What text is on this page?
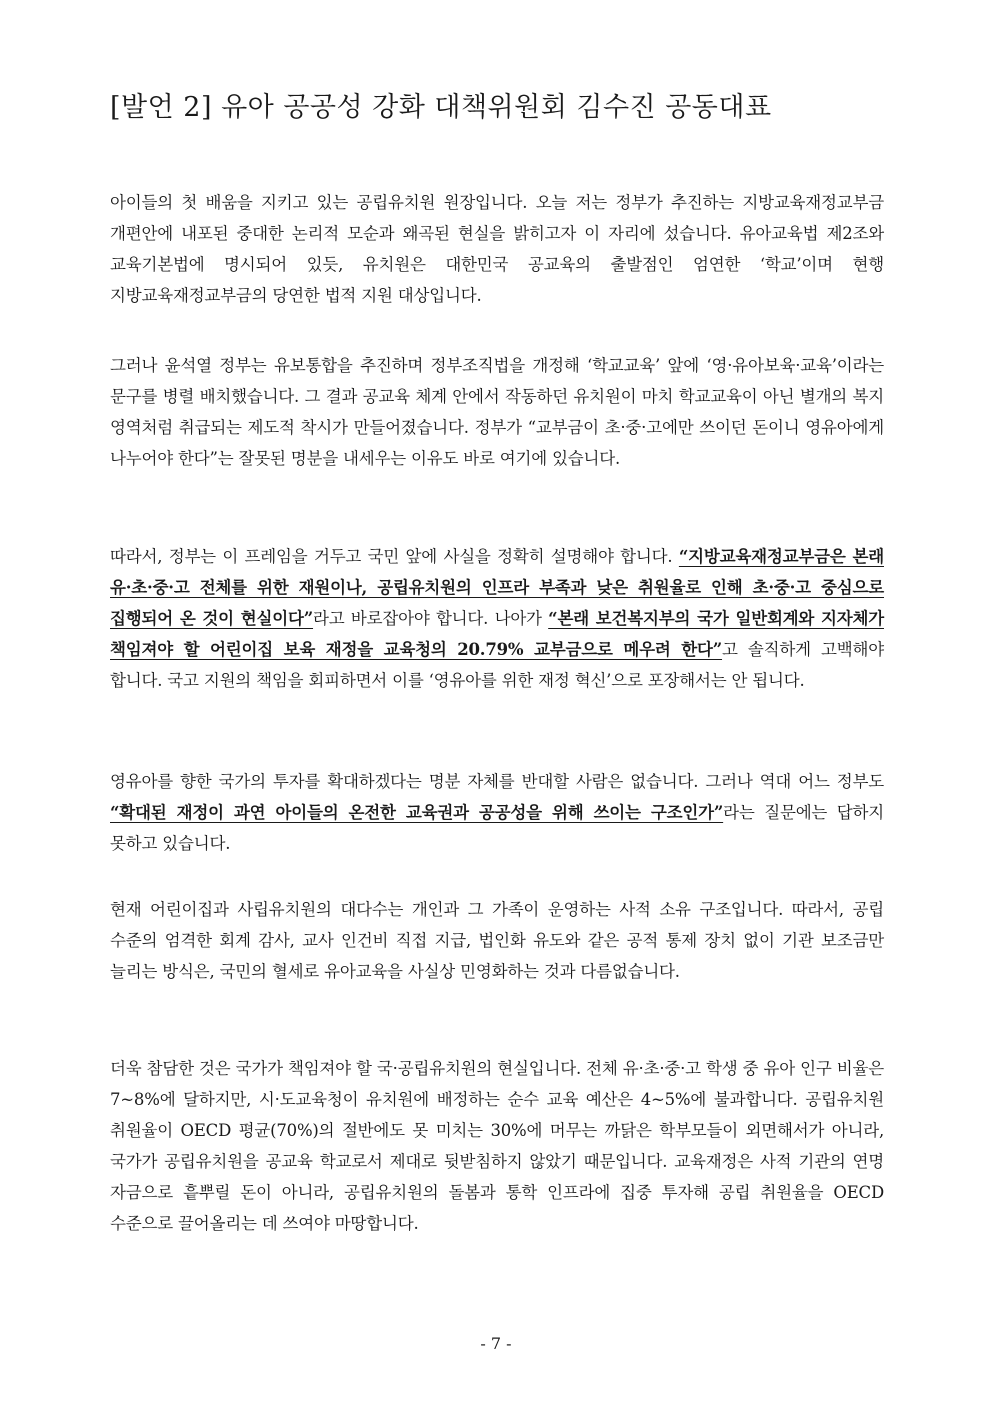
[발언 2] 유아 공공성 강화 대책위원회 김수진 공동대표

아이들의 첫 배움을 지키고 있는 공립유치원 원장입니다. 오늘 저는 정부가 추진하는 지방교육재정교부금 개편안에 내포된 중대한 논리적 모순과 왜곡된 현실을 밝히고자 이 자리에 섰습니다. 유아교육법 제2조와 교육기본법에 명시되어 있듯, 유치원은 대한민국 공교육의 출발점인 엄연한 ‘학교’이며 현행 지방교육재정교부금의 당연한 법적 지원 대상입니다.

그러나 윤석열 정부는 유보통합을 추진하며 정부조직법을 개정해 ‘학교교육’ 앞에 ‘영·유아보육·교육’이라는 문구를 병렬 배치했습니다. 그 결과 공교육 체계 안에서 작동하던 유치원이 마치 학교교육이 아닌 별개의 복지 영역처럼 취급되는 제도적 착시가 만들어졌습니다. 정부가 “교부금이 초·중·고에만 쓰이던 돈이니 영유아에게 나누어야 한다”는 잘못된 명분을 내세우는 이유도 바로 여기에 있습니다.

따라서, 정부는 이 프레임을 거두고 국민 앞에 사실을 정확히 설명해야 합니다. “지방교육재정교부금은 본래 유·초·중·고 전체를 위한 재원이나, 공립유치원의 인프라 부족과 낮은 취원율로 인해 초·중·고 중심으로 집행되어 온 것이 현실이다”라고 바로잡아야 합니다. 나아가 “본래 보건복지부의 국가 일반회계와 지자체가 책임져야 할 어린이집 보육 재정을 교육청의 20.79% 교부금으로 메우려 한다”고 솔직하게 고백해야 합니다. 국고 지원의 책임을 회피하면서 이를 ‘영유아를 위한 재정 혁신’으로 포장해서는 안 됩니다.

영유아를 향한 국가의 투자를 확대하겠다는 명분 자체를 반대할 사람은 없습니다. 그러나 역대 어느 정부도 “확대된 재정이 과연 아이들의 온전한 교육권과 공공성을 위해 쓰이는 구조인가”라는 질문에는 답하지 못하고 있습니다.

현재 어린이집과 사립유치원의 대다수는 개인과 그 가족이 운영하는 사적 소유 구조입니다. 따라서, 공립 수준의 엄격한 회계 감사, 교사 인건비 직접 지급, 법인화 유도와 같은 공적 통제 장치 없이 기관 보조금만 늘리는 방식은, 국민의 혈세로 유아교육을 사실상 민영화하는 것과 다름없습니다.

더욱 참담한 것은 국가가 책임져야 할 국·공립유치원의 현실입니다. 전체 유·초·중·고 학생 중 유아 인구 비율은 7~8%에 달하지만, 시·도교육청이 유치원에 배정하는 순수 교육 예산은 4~5%에 불과합니다. 공립유치원 취원율이 OECD 평균(70%)의 절반에도 못 미치는 30%에 머무는 까닭은 학부모들이 외면해서가 아니라, 국가가 공립유치원을 공교육 학교로서 제대로 뒷받침하지 않았기 때문입니다. 교육재정은 사적 기관의 연명 자금으로 흩뿌릴 돈이 아니라, 공립유치원의 돌봄과 통학 인프라에 집중 투자해 공립 취원율을 OECD 수준으로 끌어올리는 데 쓰여야 마땅합니다.

- 7 -
